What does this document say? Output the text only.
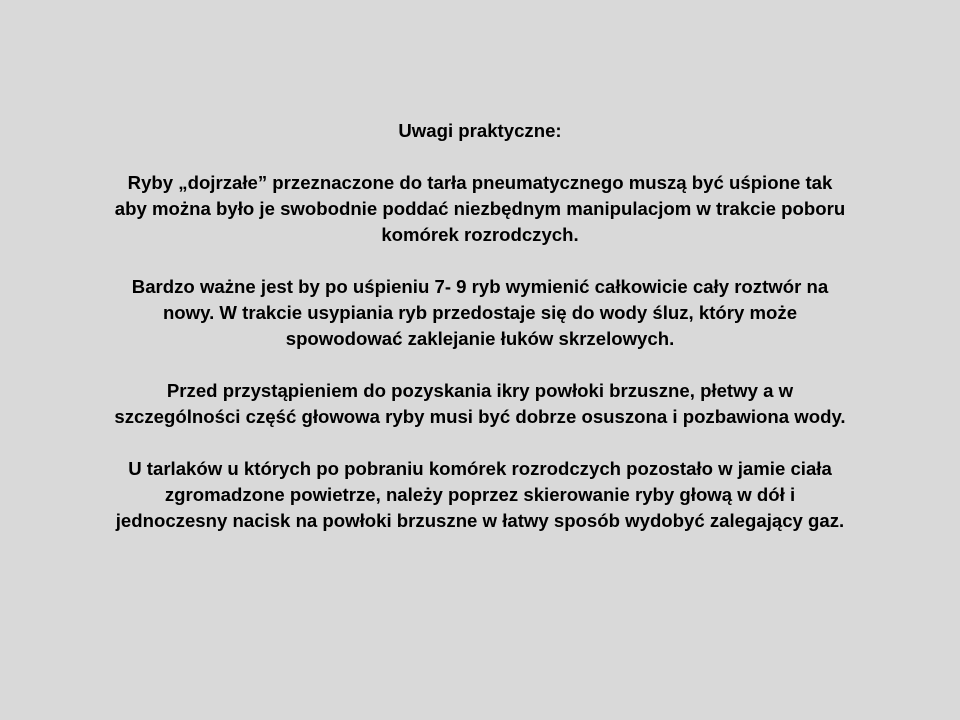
Uwagi praktyczne:
Ryby „dojrzałe” przeznaczone do tarła pneumatycznego muszą być uśpione tak
aby można było je swobodnie poddać niezbędnym manipulacjom w trakcie poboru
komórek rozrodczych.
Bardzo ważne jest by po uśpieniu 7- 9 ryb wymienić całkowicie cały roztwór na
nowy. W trakcie usypiania ryb przedostaje się do wody śluz, który może
spowodować zaklejanie łuków skrzelowych.
Przed przystąpieniem do pozyskania ikry powłoki brzuszne, płetwy a w
szczególności część głowowa ryby musi być dobrze osuszona i pozbawiona wody.
U tarlaków u których po pobraniu komórek rozrodczych pozostało w jamie ciała
zgromadzone powietrze, należy poprzez skierowanie ryby głową w dół i
jednoczesny nacisk na powłoki brzuszne w łatwy sposób wydobyć zalegający gaz.
